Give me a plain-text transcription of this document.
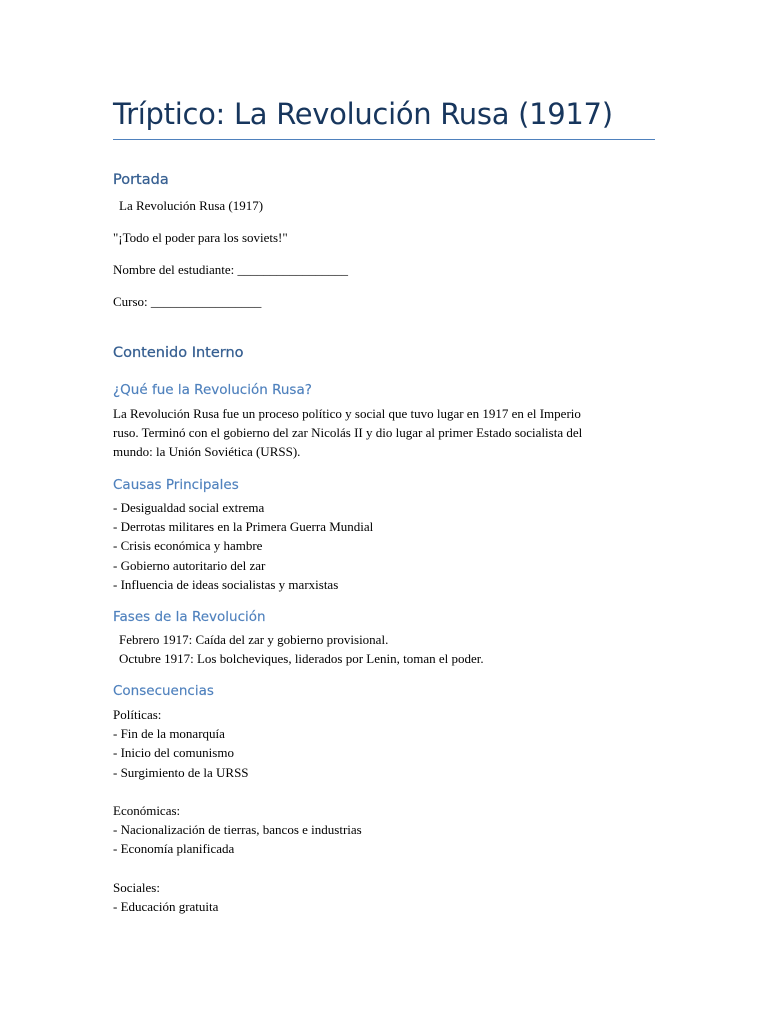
Tríptico: La Revolución Rusa (1917)
Portada
La Revolución Rusa (1917)
"¡Todo el poder para los soviets!"
Nombre del estudiante: _________________
Curso: _________________
Contenido Interno
¿Qué fue la Revolución Rusa?
La Revolución Rusa fue un proceso político y social que tuvo lugar en 1917 en el Imperio
ruso. Terminó con el gobierno del zar Nicolás II y dio lugar al primer Estado socialista del
mundo: la Unión Soviética (URSS).
Causas Principales
- Desigualdad social extrema
- Derrotas militares en la Primera Guerra Mundial
- Crisis económica y hambre
- Gobierno autoritario del zar
- Influencia de ideas socialistas y marxistas
Fases de la Revolución
Febrero 1917: Caída del zar y gobierno provisional.
Octubre 1917: Los bolcheviques, liderados por Lenin, toman el poder.
Consecuencias
Políticas:
- Fin de la monarquía
- Inicio del comunismo
- Surgimiento de la URSS
Económicas:
- Nacionalización de tierras, bancos e industrias
- Economía planificada
Sociales:
- Educación gratuita
